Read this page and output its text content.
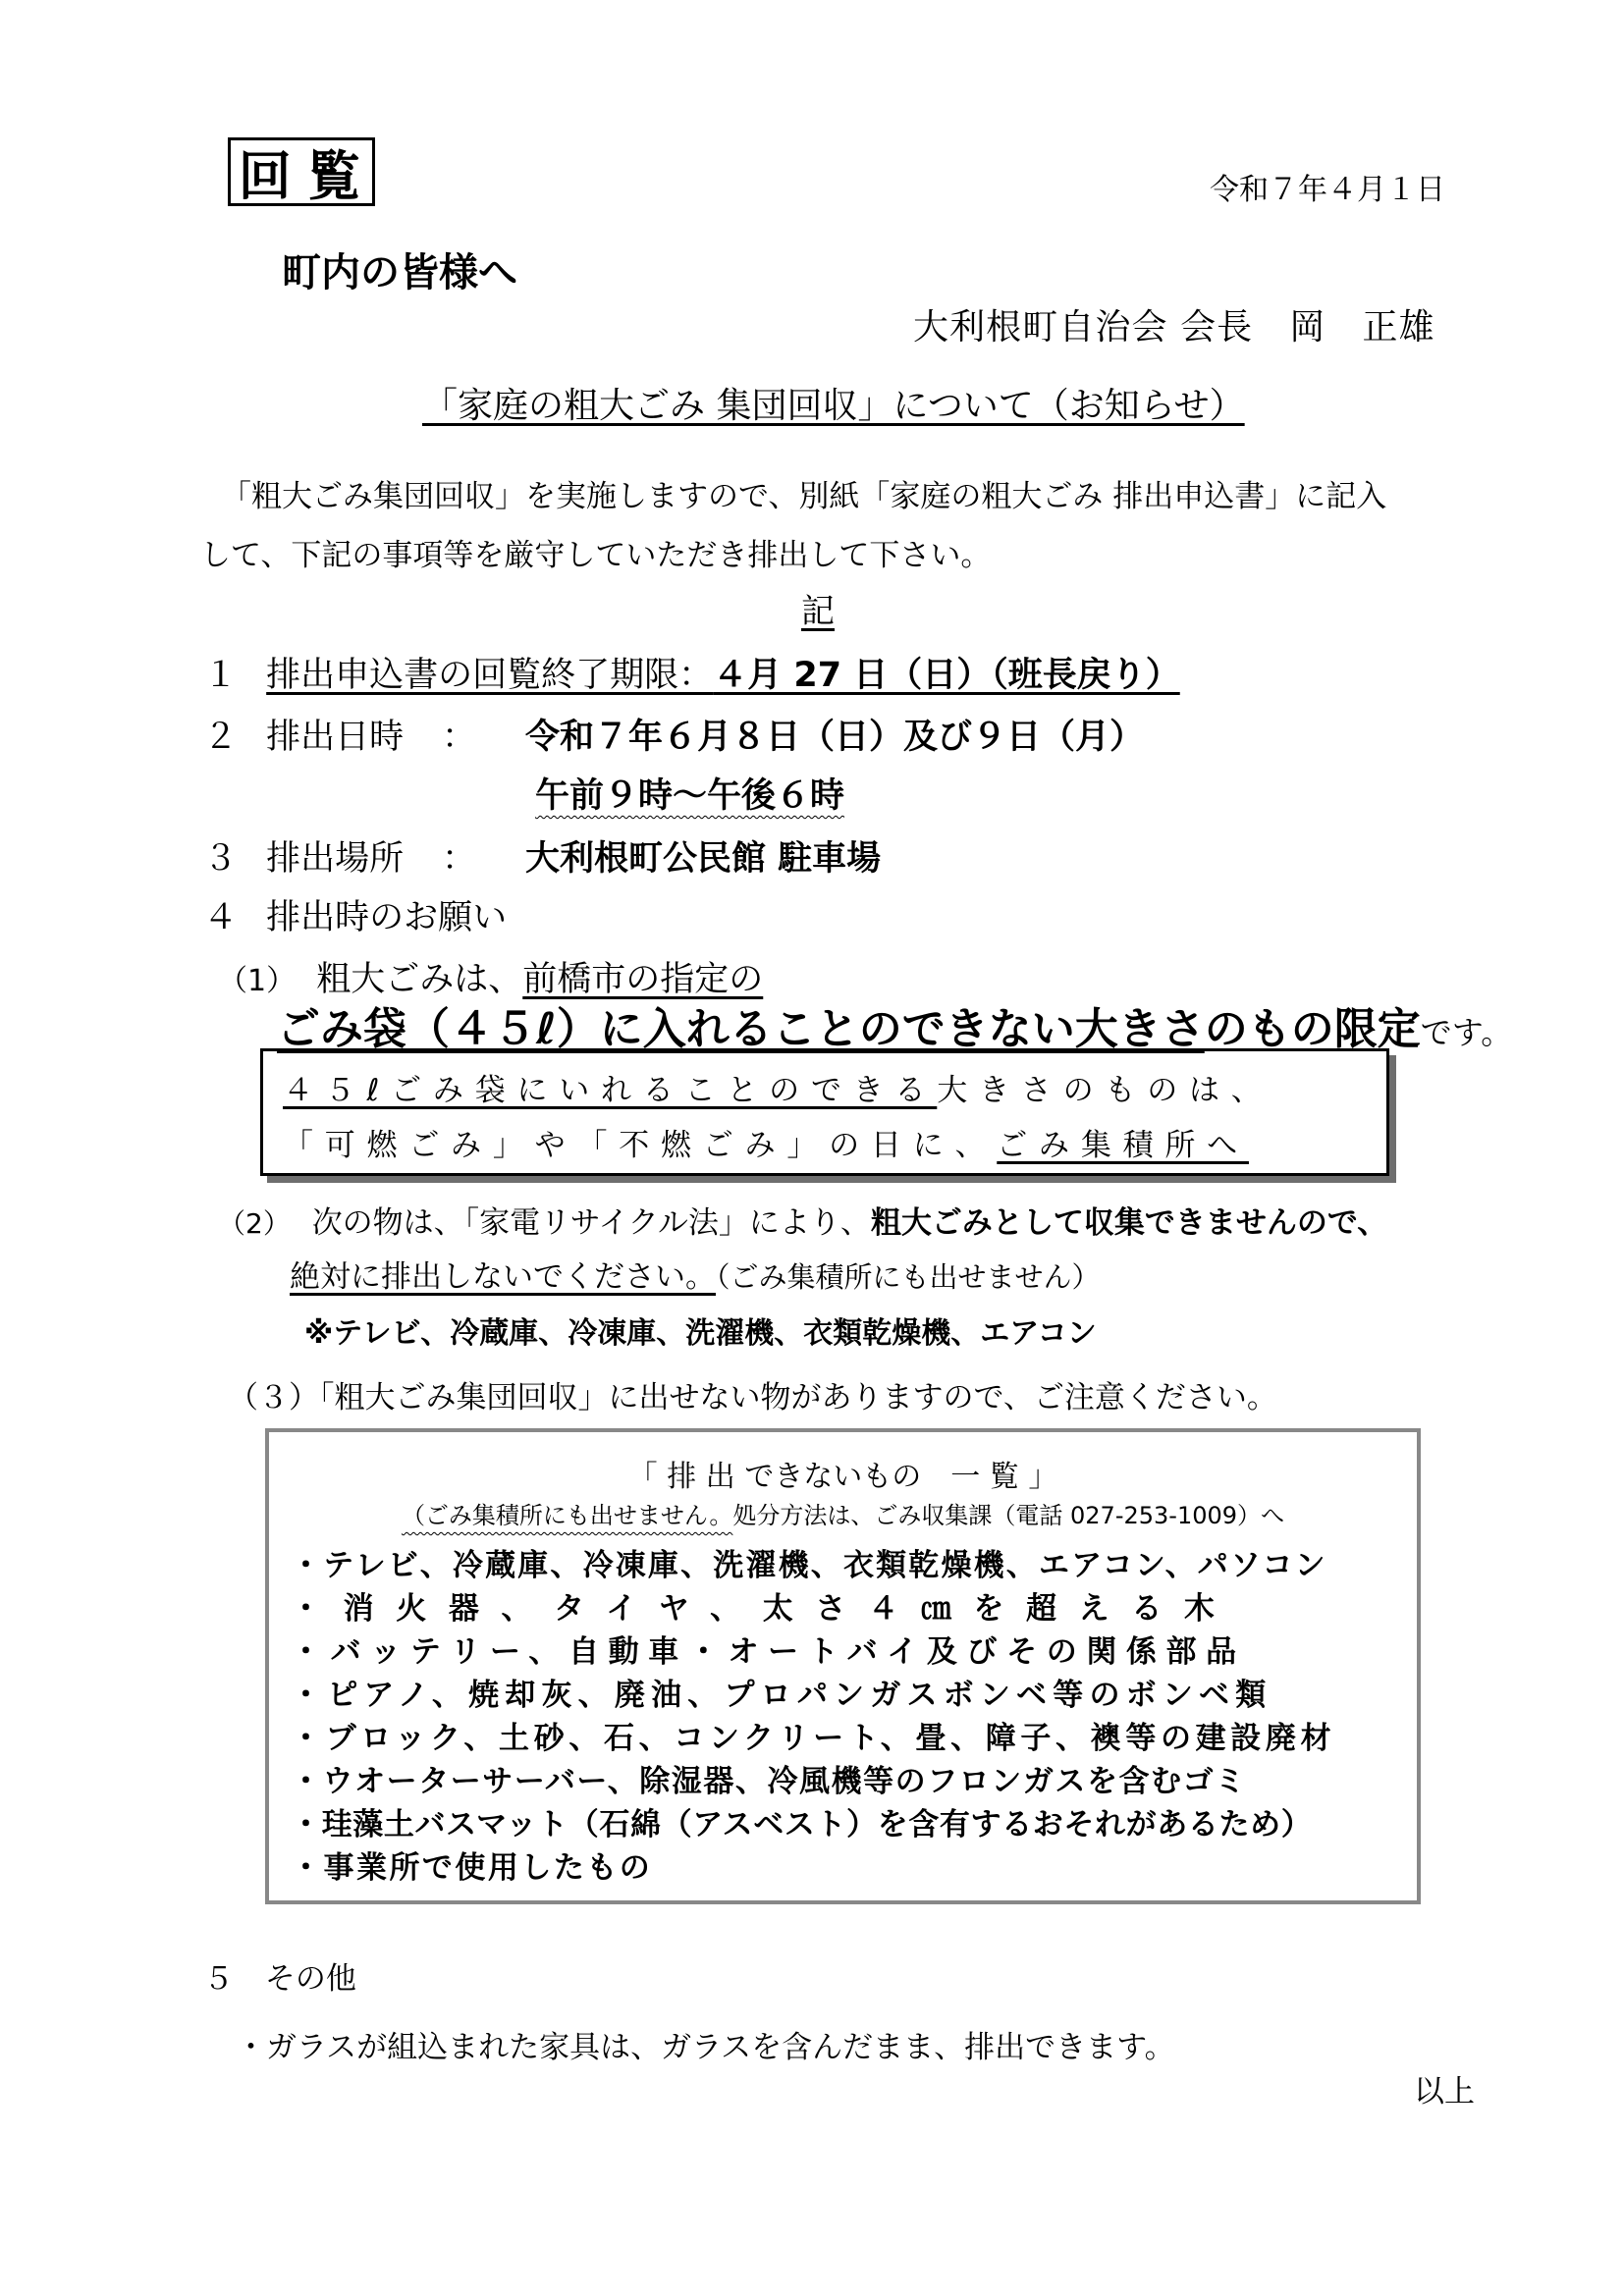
回覧	令和７年４月１日
町内の皆様へ
大利根町自治会 会長　岡　正雄
「家庭の粗大ごみ 集団回収」について（お知らせ）
「粗大ごみ集団回収」を実施しますので、別紙「家庭の粗大ごみ 排出申込書」に記入
して、下記の事項等を厳守していただき排出して下さい。
記
１ 排出申込書の回覧終了期限：４月 27 日（日）（班長戻り）
２ 排出日時 ： 令和７年６月８日（日）及び９日（月）
午前９時～午後６時
３ 排出場所 ： 大利根町公民館 駐車場
４ 排出時のお願い
（1） 粗大ごみは、前橋市の指定の
ごみ袋（４５ℓ）に入れることのできない大きさのもの限定です。
４５ℓごみ袋にいれることのできる大きさのものは、
「可燃ごみ」や「不燃ごみ」の日に、ごみ集積所へ
（2） 次の物は、「家電リサイクル法」により、粗大ごみとして収集できませんので、
絶対に排出しないでください。（ごみ集積所にも出せません）
※テレビ、冷蔵庫、冷凍庫、洗濯機、衣類乾燥機、エアコン
（３）「粗大ごみ集団回収」に出せない物がありますので、ご注意ください。
「 排 出 できないもの　一 覧 」
（ごみ集積所にも出せません。処分方法は、ごみ収集課（電話 027-253-1009）へ
・テレビ、冷蔵庫、冷凍庫、洗濯機、衣類乾燥機、エアコン、パソコン
・消火器、タイヤ、太さ４㎝を超える木
・バッテリー、自動車・オートバイ及びその関係部品
・ピアノ、焼却灰、廃油、プロパンガスボンベ等のボンベ類
・ブロック、土砂、石、コンクリート、畳、障子、襖等の建設廃材
・ウオーターサーバー、除湿器、冷風機等のフロンガスを含むゴミ
・珪藻土バスマット（石綿（アスベスト）を含有するおそれがあるため）
・事業所で使用したもの
５ その他
・ガラスが組込まれた家具は、ガラスを含んだまま、排出できます。
以上
